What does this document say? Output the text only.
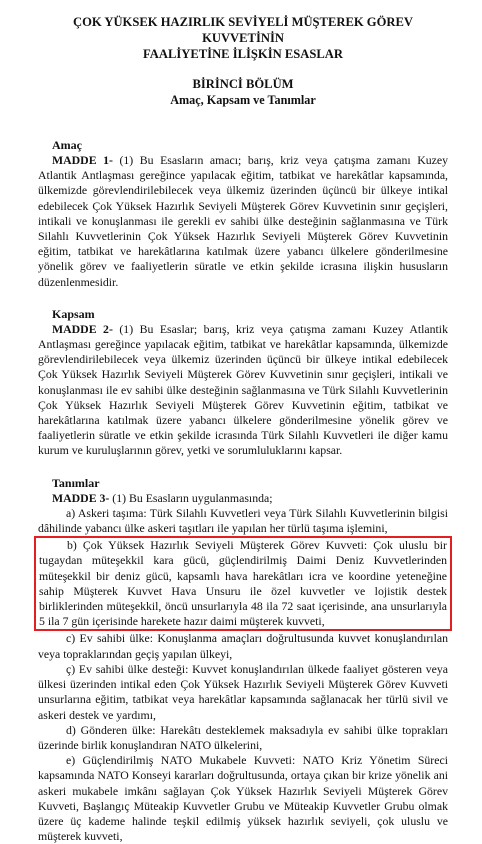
ÇOK YÜKSEK HAZIRLIK SEVİYELİ MÜŞTEREK GÖREV KUVVETİNİN
FAALİYETİNE İLİŞKİN ESASLAR
BİRİNCİ BÖLÜM
Amaç, Kapsam ve Tanımlar
Amaç

MADDE 1- (1) Bu Esasların amacı; barış, kriz veya çatışma zamanı Kuzey Atlantik Antlaşması gereğince yapılacak eğitim, tatbikat ve harekâtlar kapsamında, ülkemizde görevlendirilebilecek veya ülkemiz üzerinden üçüncü bir ülkeye intikal edebilecek Çok Yüksek Hazırlık Seviyeli Müşterek Görev Kuvvetinin sınır geçişleri, intikali ve konuşlanması ile gerekli ev sahibi ülke desteğinin sağlanmasına ve Türk Silahlı Kuvvetlerinin Çok Yüksek Hazırlık Seviyeli Müşterek Görev Kuvvetinin eğitim, tatbikat ve harekâtlarına katılmak üzere yabancı ülkelere gönderilmesine yönelik görev ve faaliyetlerin süratle ve etkin şekilde icrasına ilişkin hususların düzenlenmesidir.

Kapsam

MADDE 2- (1) Bu Esaslar; barış, kriz veya çatışma zamanı Kuzey Atlantik Antlaşması gereğince yapılacak eğitim, tatbikat ve harekâtlar kapsamında, ülkemizde görevlendirilebilecek veya ülkemiz üzerinden üçüncü bir ülkeye intikal edebilecek Çok Yüksek Hazırlık Seviyeli Müşterek Görev Kuvvetinin sınır geçişleri, intikali ve konuşlanması ile ev sahibi ülke desteğinin sağlanmasına ve Türk Silahlı Kuvvetlerinin Çok Yüksek Hazırlık Seviyeli Müşterek Görev Kuvvetinin eğitim, tatbikat ve harekâtlarına katılmak üzere yabancı ülkelere gönderilmesine yönelik görev ve faaliyetlerin süratle ve etkin şekilde icrasında Türk Silahlı Kuvvetleri ile diğer kamu kurum ve kuruluşlarının görev, yetki ve sorumluluklarını kapsar.

Tanımlar

MADDE 3- (1) Bu Esasların uygulanmasında;

a) Askeri taşıma: Türk Silahlı Kuvvetleri veya Türk Silahlı Kuvvetlerinin bilgisi dâhilinde yabancı ülke askeri taşıtları ile yapılan her türlü taşıma işlemini,

b) Çok Yüksek Hazırlık Seviyeli Müşterek Görev Kuvveti: Çok uluslu bir tugaydan müteşekkil kara gücü, güçlendirilmiş Daimi Deniz Kuvvetlerinden müteşekkil bir deniz gücü, kapsamlı hava harekâtları icra ve koordine yeteneğine sahip Müşterek Kuvvet Hava Unsuru ile özel kuvvetler ve lojistik destek birliklerinden müteşekkil, öncü unsurlarıyla 48 ila 72 saat içerisinde, ana unsurlarıyla 5 ila 7 gün içerisinde harekete hazır daimi müşterek kuvveti,

c) Ev sahibi ülke: Konuşlanma amaçları doğrultusunda kuvvet konuşlandırılan veya topraklarından geçiş yapılan ülkeyi,

ç) Ev sahibi ülke desteği: Kuvvet konuşlandırılan ülkede faaliyet gösteren veya ülkesi üzerinden intikal eden Çok Yüksek Hazırlık Seviyeli Müşterek Görev Kuvveti unsurlarına eğitim, tatbikat veya harekâtlar kapsamında sağlanacak her türlü sivil ve askeri destek ve yardımı,

d) Gönderen ülke: Harekâtı desteklemek maksadıyla ev sahibi ülke toprakları üzerinde birlik konuşlandıran NATO ülkelerini,

e) Güçlendirilmiş NATO Mukabele Kuvveti: NATO Kriz Yönetim Süreci kapsamında NATO Konseyi kararları doğrultusunda, ortaya çıkan bir krize yönelik ani askeri mukabele imkânı sağlayan Çok Yüksek Hazırlık Seviyeli Müşterek Görev Kuvveti, Başlangıç Müteakip Kuvvetler Grubu ve Müteakip Kuvvetler Grubu olmak üzere üç kademe halinde teşkil edilmiş yüksek hazırlık seviyeli, çok uluslu ve müşterek kuvveti,
